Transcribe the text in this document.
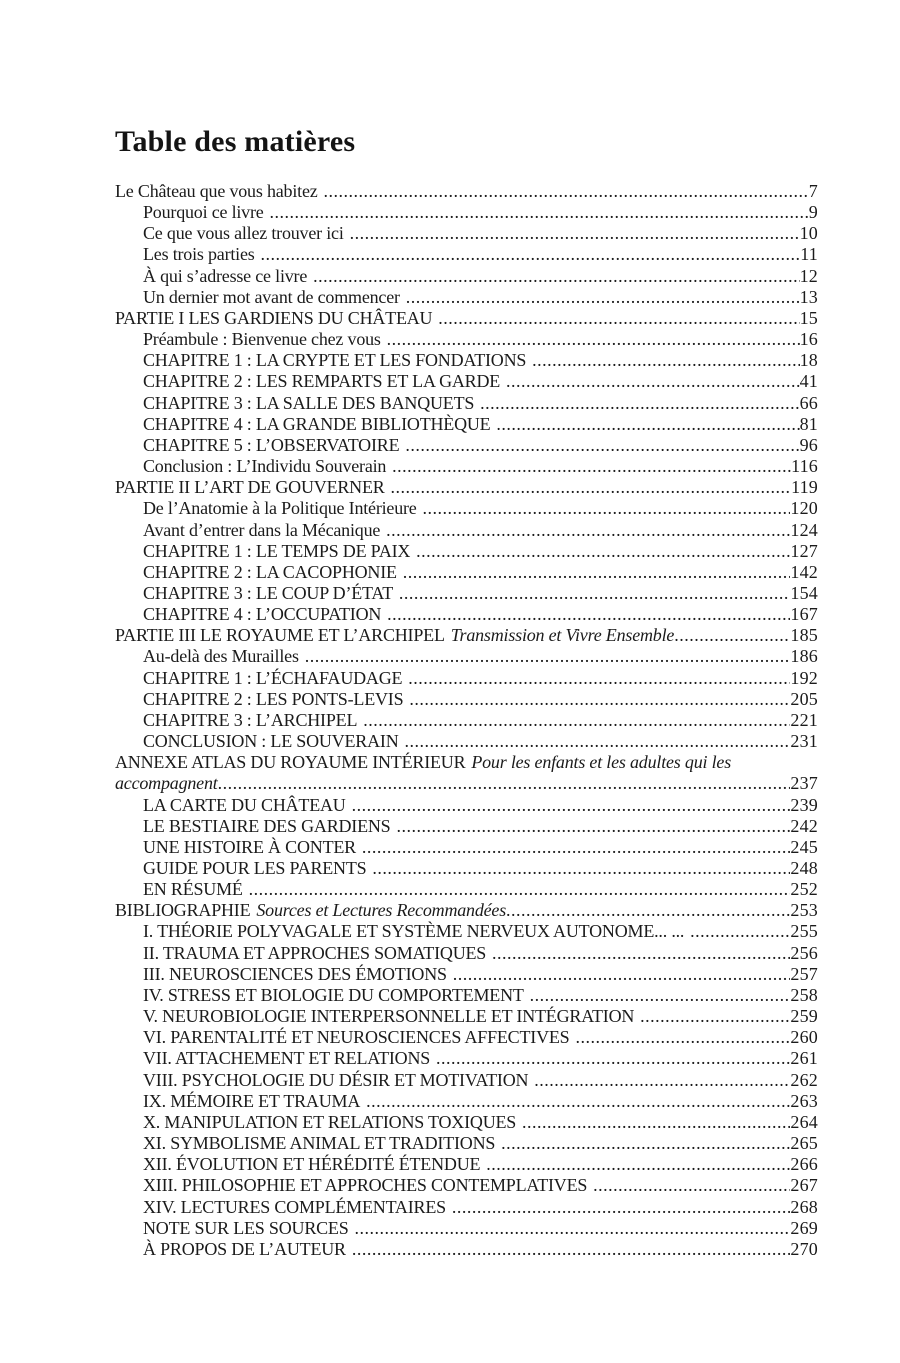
Table des matières
Le Château que vous habitez .....	7
Pourquoi ce livre .....	9
Ce que vous allez trouver ici .....	10
Les trois parties .....	11
À qui s’adresse ce livre .....	12
Un dernier mot avant de commencer .....	13
PARTIE I LES GARDIENS DU CHÂTEAU .....	15
Préambule : Bienvenue chez vous .....	16
CHAPITRE 1 : LA CRYPTE ET LES FONDATIONS .....	18
CHAPITRE 2 : LES REMPARTS ET LA GARDE .....	41
CHAPITRE 3 : LA SALLE DES BANQUETS .....	66
CHAPITRE 4 : LA GRANDE BIBLIOTHÈQUE .....	81
CHAPITRE 5 : L’OBSERVATOIRE .....	96
Conclusion : L’Individu Souverain .....	116
PARTIE II L’ART DE GOUVERNER .....	119
De l’Anatomie à la Politique Intérieure .....	120
Avant d’entrer dans la Mécanique .....	124
CHAPITRE 1 : LE TEMPS DE PAIX .....	127
CHAPITRE 2 : LA CACOPHONIE .....	142
CHAPITRE 3 : LE COUP D’ÉTAT .....	154
CHAPITRE 4 : L’OCCUPATION .....	167
PARTIE III LE ROYAUME ET L’ARCHIPEL Transmission et Vivre Ensemble .....	185
Au-delà des Murailles .....	186
CHAPITRE 1 : L’ÉCHAFAUDAGE .....	192
CHAPITRE 2 : LES PONTS-LEVIS .....	205
CHAPITRE 3 : L’ARCHIPEL .....	221
CONCLUSION : LE SOUVERAIN .....	231
ANNEXE ATLAS DU ROYAUME INTÉRIEUR Pour les enfants et les adultes qui les
accompagnent .....	237
LA CARTE DU CHÂTEAU .....	239
LE BESTIAIRE DES GARDIENS .....	242
UNE HISTOIRE À CONTER .....	245
GUIDE POUR LES PARENTS .....	248
EN RÉSUMÉ .....	252
BIBLIOGRAPHIE Sources et Lectures Recommandées .....	253
I. THÉORIE POLYVAGALE ET SYSTÈME NERVEUX AUTONOME... ... .....	255
II. TRAUMA ET APPROCHES SOMATIQUES .....	256
III. NEUROSCIENCES DES ÉMOTIONS .....	257
IV. STRESS ET BIOLOGIE DU COMPORTEMENT .....	258
V. NEUROBIOLOGIE INTERPERSONNELLE ET INTÉGRATION .....	259
VI. PARENTALITÉ ET NEUROSCIENCES AFFECTIVES .....	260
VII. ATTACHEMENT ET RELATIONS .....	261
VIII. PSYCHOLOGIE DU DÉSIR ET MOTIVATION .....	262
IX. MÉMOIRE ET TRAUMA .....	263
X. MANIPULATION ET RELATIONS TOXIQUES .....	264
XI. SYMBOLISME ANIMAL ET TRADITIONS .....	265
XII. ÉVOLUTION ET HÉRÉDITÉ ÉTENDUE .....	266
XIII. PHILOSOPHIE ET APPROCHES CONTEMPLATIVES .....	267
XIV. LECTURES COMPLÉMENTAIRES .....	268
NOTE SUR LES SOURCES .....	269
À PROPOS DE L’AUTEUR .....	270
